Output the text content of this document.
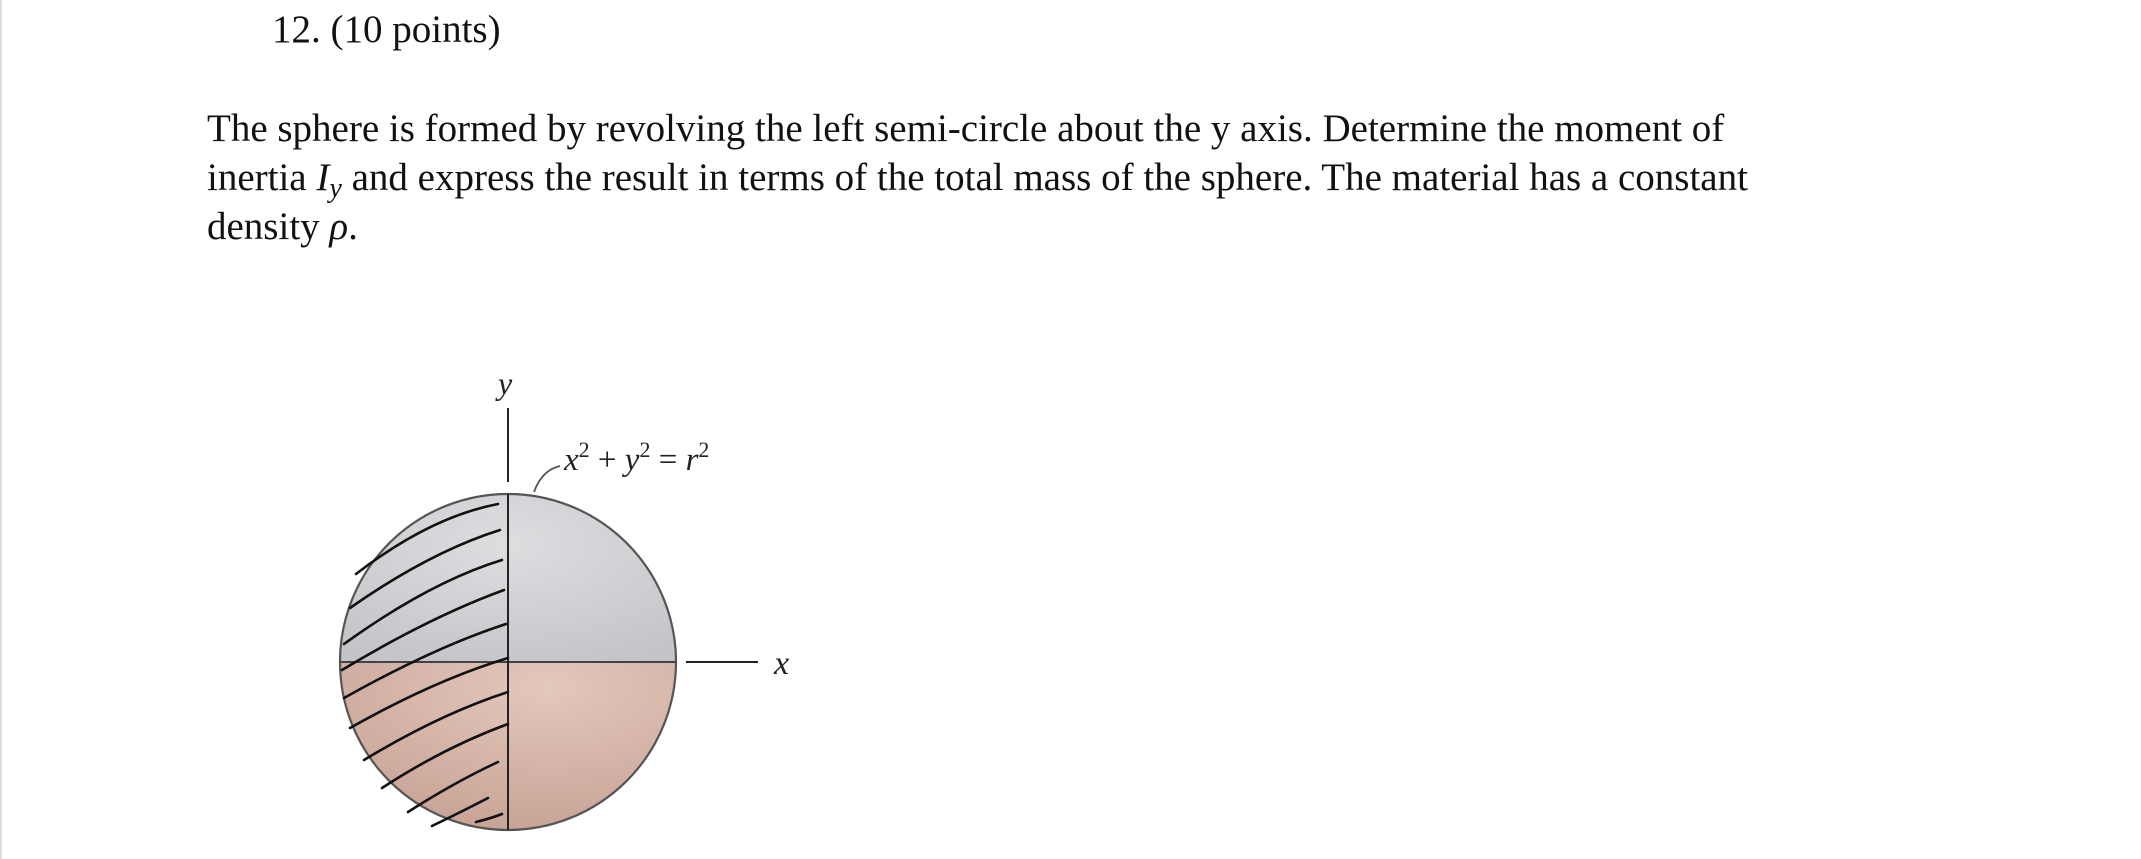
12. (10 points)
The sphere is formed by revolving the left semi-circle about the y axis. Determine the moment of
inertia $I_y$ and express the result in terms of the total mass of the sphere. The material has a constant
density ρ.
y
x
$x^2 + y^2 = r^2$
